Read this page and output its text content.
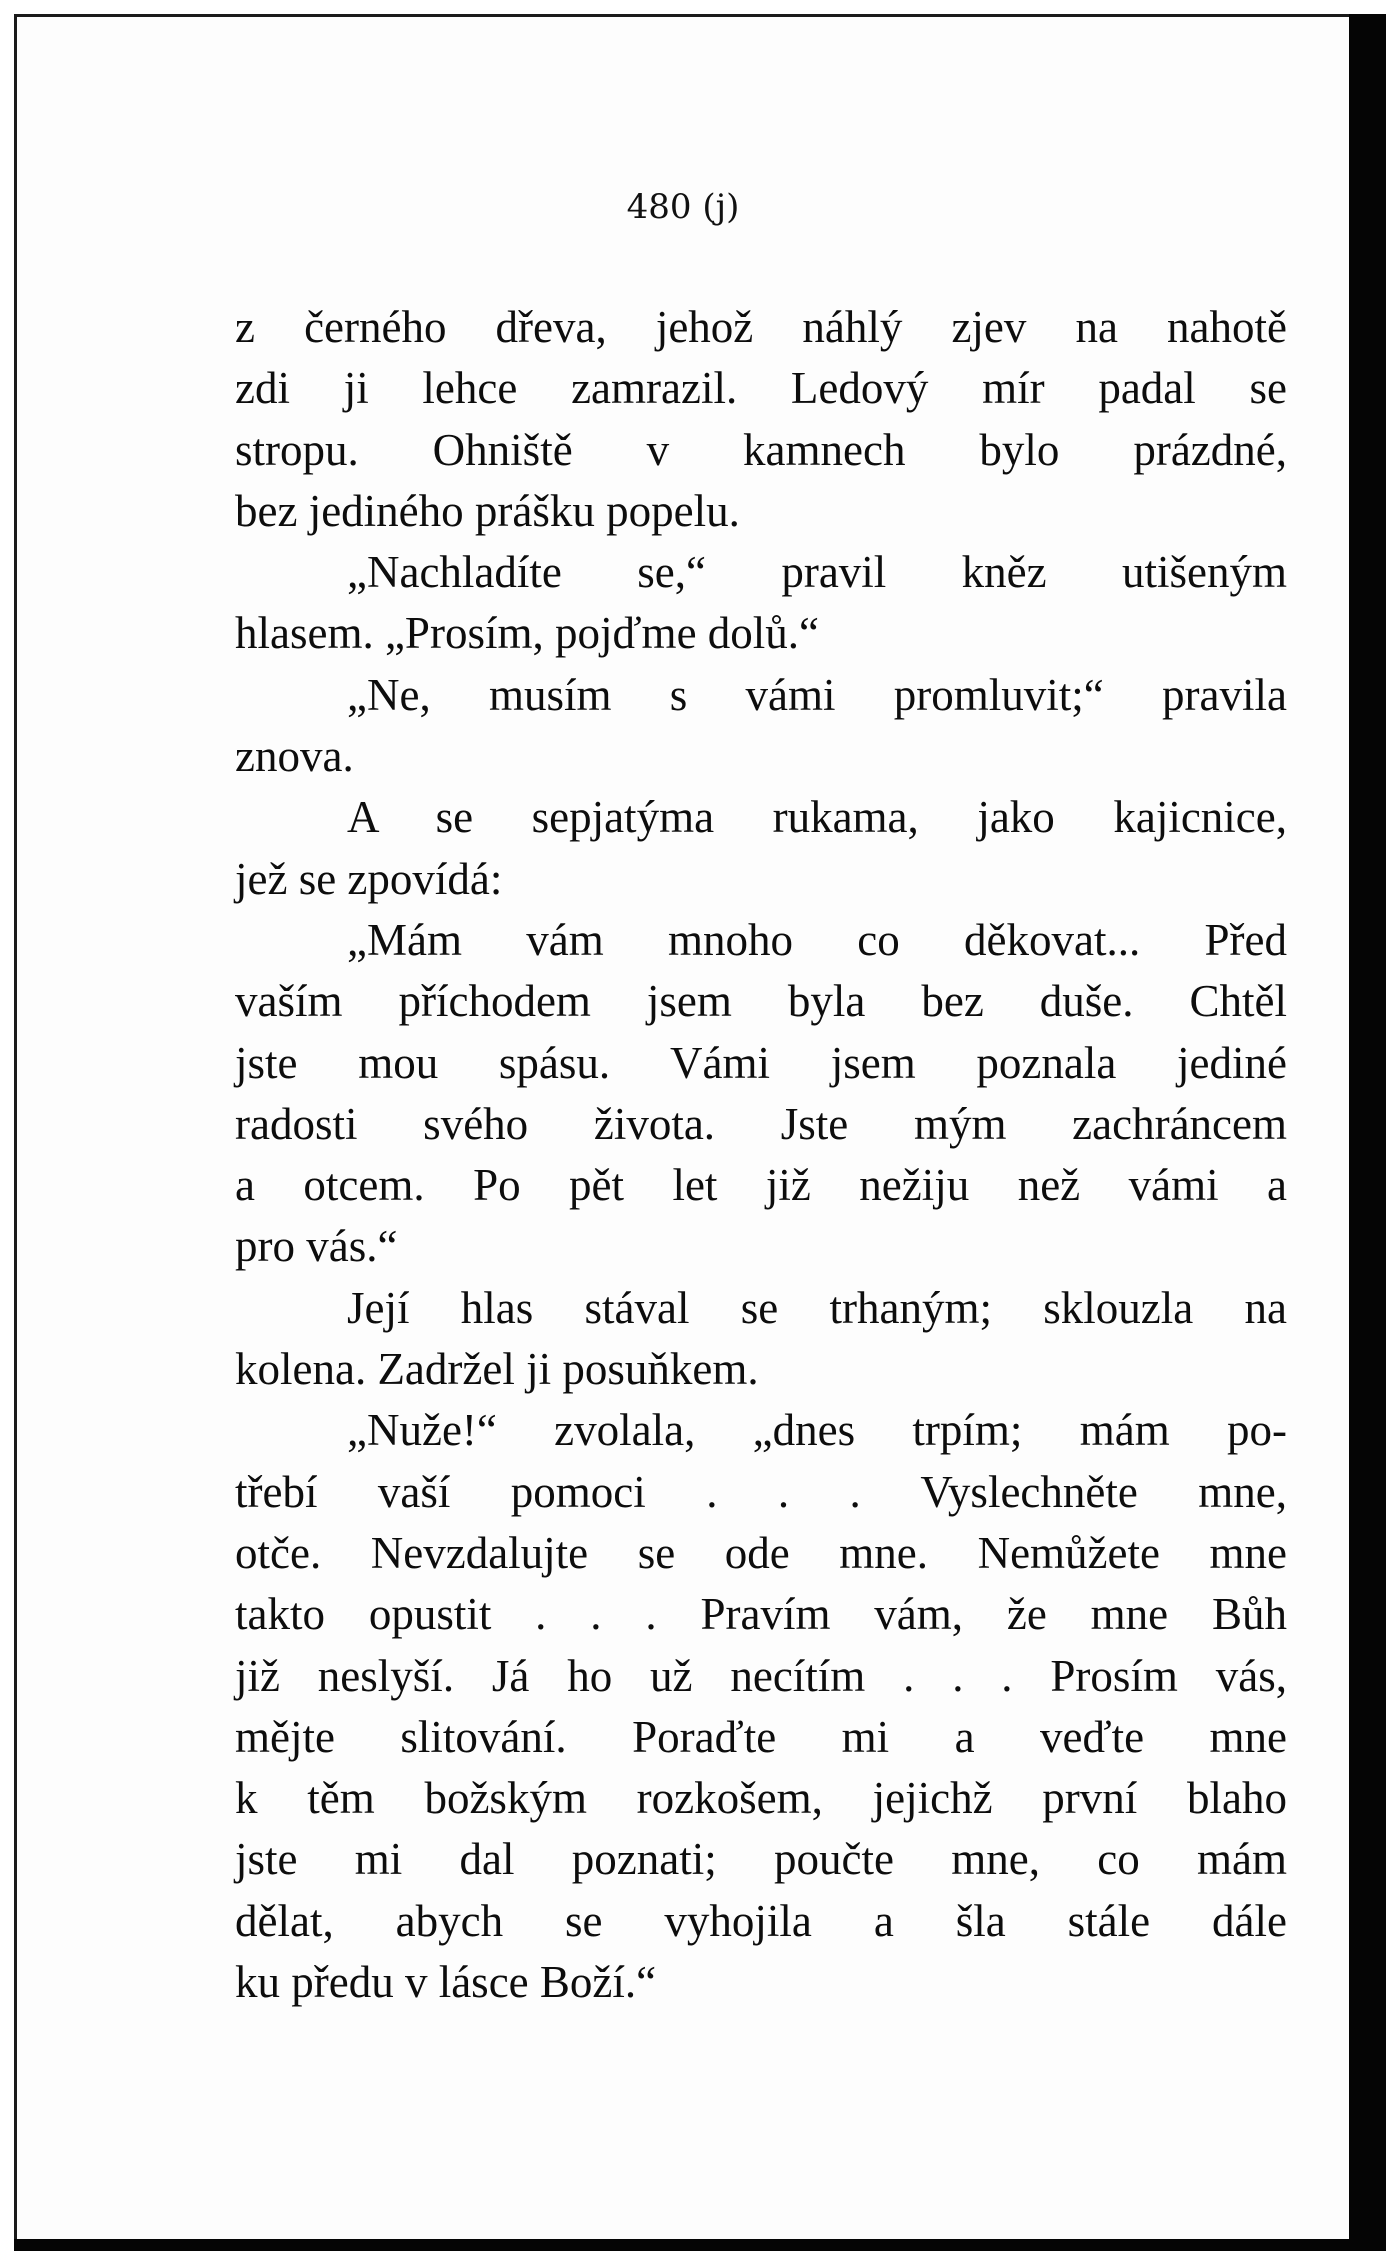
480 (j)

z černého dřeva, jehož náhlý zjev na nahotě
zdi ji lehce zamrazil. Ledový mír padal se
stropu. Ohniště v kamnech bylo prázdné,
bez jediného prášku popelu.
„Nachladíte se,“ pravil kněz utišeným
hlasem. „Prosím, pojďme dolů.“
„Ne, musím s vámi promluvit;“ pravila
znova.
A se sepjatýma rukama, jako kajicnice,
jež se zpovídá:
„Mám vám mnoho co děkovat... Před
vaším příchodem jsem byla bez duše. Chtěl
jste mou spásu. Vámi jsem poznala jediné
radosti svého života. Jste mým zachráncem
a otcem. Po pět let již nežiju než vámi a
pro vás.“
Její hlas stával se trhaným; sklouzla na
kolena. Zadržel ji posuňkem.
„Nuže!“ zvolala, „dnes trpím; mám po-
třebí vaší pomoci . . . Vyslechněte mne,
otče. Nevzdalujte se ode mne. Nemůžete mne
takto opustit . . . Pravím vám, že mne Bůh
již neslyší. Já ho už necítím . . . Prosím vás,
mějte slitování. Poraďte mi a veďte mne
k těm božským rozkošem, jejichž první blaho
jste mi dal poznati; poučte mne, co mám
dělat, abych se vyhojila a šla stále dále
ku předu v lásce Boží.“
